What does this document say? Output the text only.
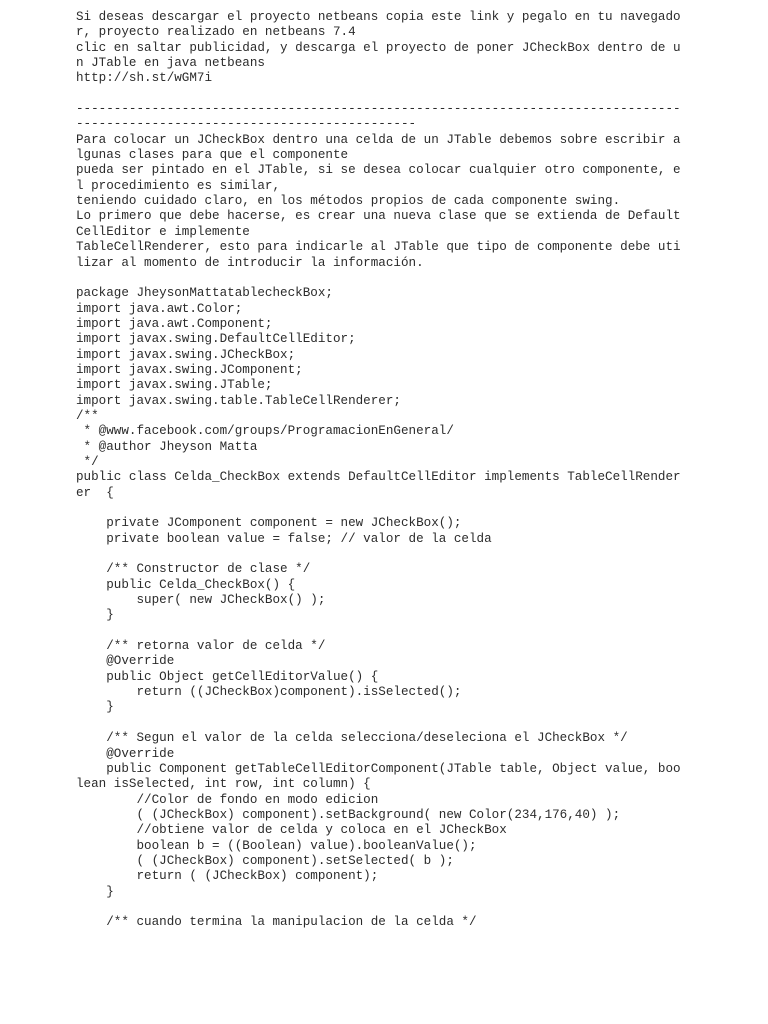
Si deseas descargar el proyecto netbeans copia este link y pegalo en tu navegado
r, proyecto realizado en netbeans 7.4
clic en saltar publicidad, y descarga el proyecto de poner JCheckBox dentro de u
n JTable en java netbeans
http://sh.st/wGM7i
--------------------------------------------------------------------------------
---------------------------------------------
Para colocar un JCheckBox dentro una celda de un JTable debemos sobre escribir a
lgunas clases para que el componente
pueda ser pintado en el JTable, si se desea colocar cualquier otro componente, e
l procedimiento es similar,
teniendo cuidado claro, en los métodos propios de cada componente swing.
Lo primero que debe hacerse, es crear una nueva clase que se extienda de Default
CellEditor e implemente
TableCellRenderer, esto para indicarle al JTable que tipo de componente debe uti
lizar al momento de introducir la información.
package JheysonMattatablecheckBox;
import java.awt.Color;
import java.awt.Component;
import javax.swing.DefaultCellEditor;
import javax.swing.JCheckBox;
import javax.swing.JComponent;
import javax.swing.JTable;
import javax.swing.table.TableCellRenderer;
/**
* @www.facebook.com/groups/ProgramacionEnGeneral/
* @author Jheyson Matta
*/
public class Celda_CheckBox extends DefaultCellEditor implements TableCellRender
er  {
private JComponent component = new JCheckBox();
private boolean value = false; // valor de la celda
/** Constructor de clase */
public Celda_CheckBox() {
super( new JCheckBox() );
}
/** retorna valor de celda */
@Override
public Object getCellEditorValue() {
return ((JCheckBox)component).isSelected();
}
/** Segun el valor de la celda selecciona/deseleciona el JCheckBox */
@Override
public Component getTableCellEditorComponent(JTable table, Object value, boo
lean isSelected, int row, int column) {
//Color de fondo en modo edicion
( (JCheckBox) component).setBackground( new Color(234,176,40) );
//obtiene valor de celda y coloca en el JCheckBox
boolean b = ((Boolean) value).booleanValue();
( (JCheckBox) component).setSelected( b );
return ( (JCheckBox) component);
}
/** cuando termina la manipulacion de la celda */
